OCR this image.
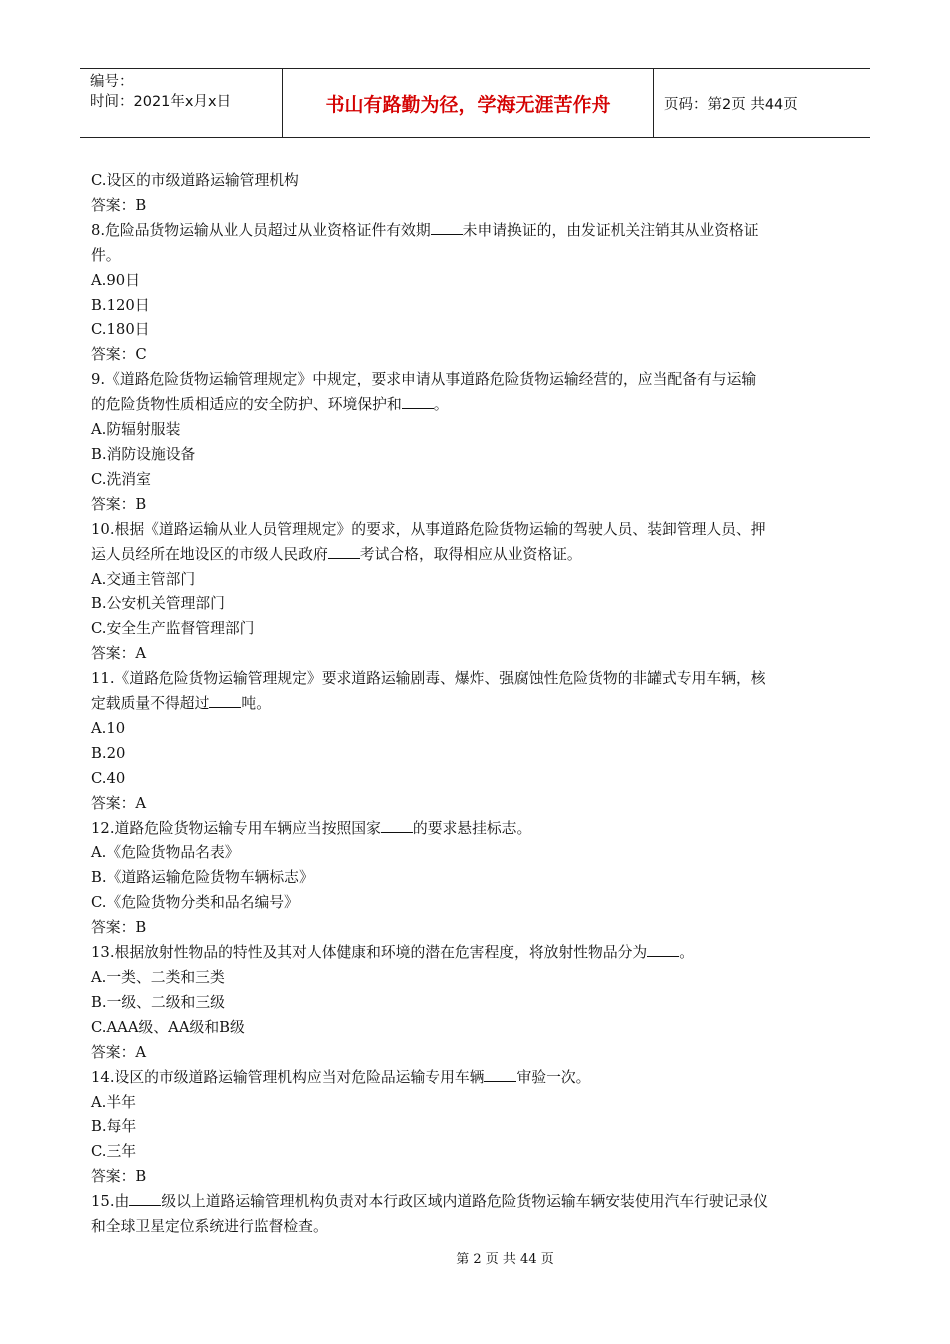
编号：
时间：2021年x月x日	书山有路勤为径，学海无涯苦作舟	页码：第2页 共44页
C.设区的市级道路运输管理机构
答案：B
8.危险品货物运输从业人员超过从业资格证件有效期 未申请换证的，由发证机关注销其从业资格证
件。
A.90日
B.120日
C.180日
答案：C
9.《道路危险货物运输管理规定》中规定，要求申请从事道路危险货物运输经营的，应当配备有与运输
的危险货物性质相适应的安全防护、环境保护和 。
A.防辐射服装
B.消防设施设备
C.洗消室
答案：B
10.根据《道路运输从业人员管理规定》的要求，从事道路危险货物运输的驾驶人员、装卸管理人员、押
运人员经所在地设区的市级人民政府 考试合格，取得相应从业资格证。
A.交通主管部门
B.公安机关管理部门
C.安全生产监督管理部门
答案：A
11.《道路危险货物运输管理规定》要求道路运输剧毒、爆炸、强腐蚀性危险货物的非罐式专用车辆，核
定载质量不得超过 吨。
A.10
B.20
C.40
答案：A
12.道路危险货物运输专用车辆应当按照国家 的要求悬挂标志。
A.《危险货物品名表》
B.《道路运输危险货物车辆标志》
C.《危险货物分类和品名编号》
答案：B
13.根据放射性物品的特性及其对人体健康和环境的潜在危害程度，将放射性物品分为 。
A.一类、二类和三类
B.一级、二级和三级
C.AAA级、AA级和B级
答案：A
14.设区的市级道路运输管理机构应当对危险品运输专用车辆 审验一次。
A.半年
B.每年
C.三年
答案：B
15.由 级以上道路运输管理机构负责对本行政区域内道路危险货物运输车辆安装使用汽车行驶记录仪
和全球卫星定位系统进行监督检查。
第 2 页 共 44 页
